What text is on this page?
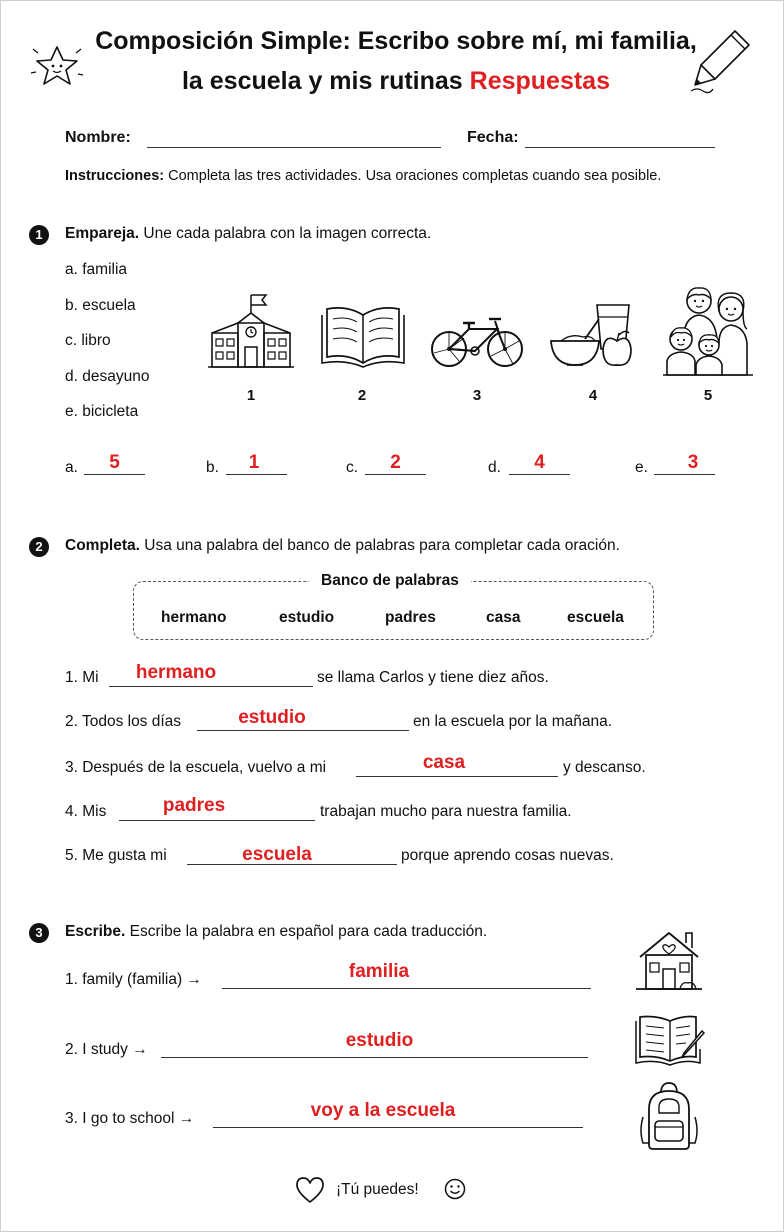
Composición Simple: Escribo sobre mí, mi familia,
la escuela y mis rutinas Respuestas
Nombre:	Fecha:
Instrucciones: Completa las tres actividades. Usa oraciones completas cuando sea posible.
1	Empareja. Une cada palabra con la imagen correcta.
a. familia
b. escuela
c. libro
d. desayuno
e. bicicleta
1	2	3	4	5
a.	5	b.	1	c.	2	d.	4	e.	3
2	Completa. Usa una palabra del banco de palabras para completar cada oración.
Banco de palabras
hermano	estudio	padres	casa	escuela
1. Mi	hermano	se llama Carlos y tiene diez años.
2. Todos los días	estudio	en la escuela por la mañana.
3. Después de la escuela, vuelvo a mi	casa	y descanso.
4. Mis	padres	trabajan mucho para nuestra familia.
5. Me gusta mi	escuela	porque aprendo cosas nuevas.
3	Escribe. Escribe la palabra en español para cada traducción.
1. family (familia) →	familia
2. I study →	estudio
3. I go to school →	voy a la escuela
¡Tú puedes!
